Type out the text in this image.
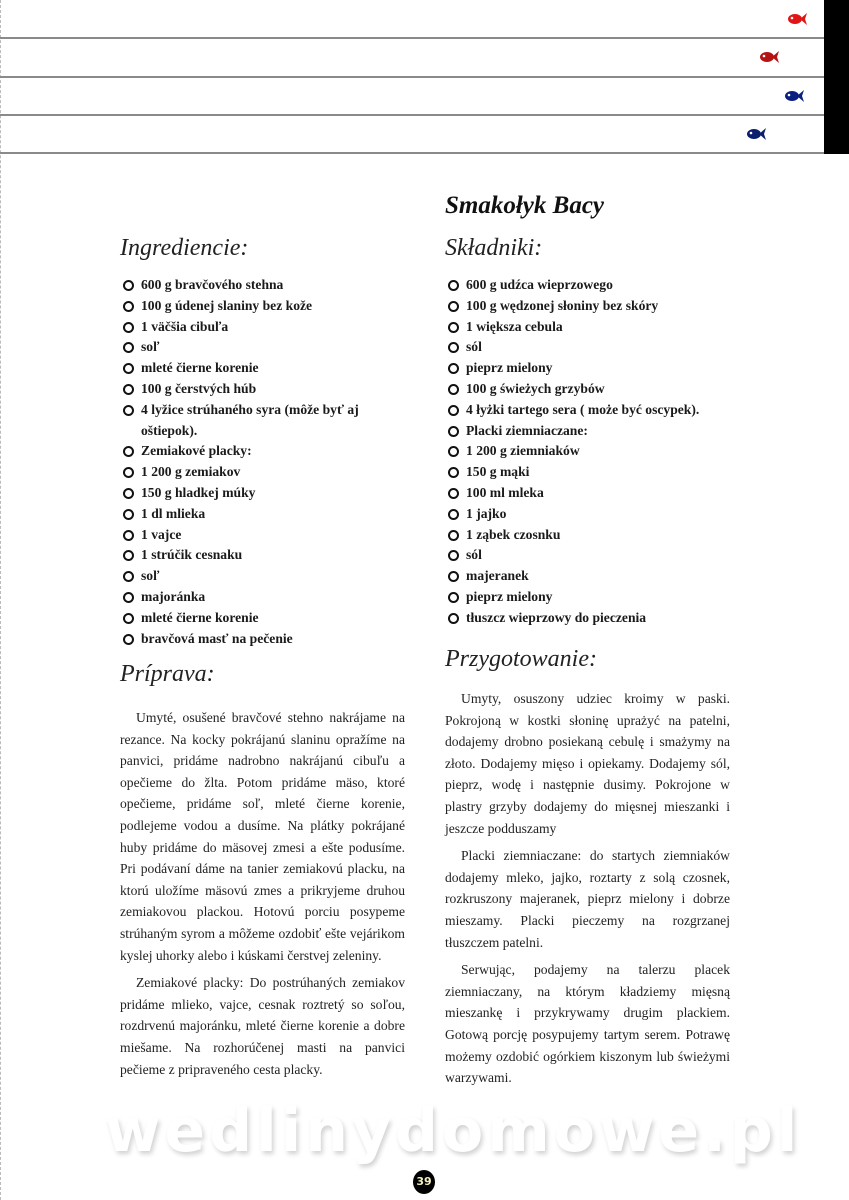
Smakołyk Bacy
Ingrediencie:
600 g bravčového stehna
100 g údenej slaniny bez kože
1 väčšia cibuľa
soľ
mleté čierne korenie
100 g čerstvých húb
4 lyžice strúhaného syra (môže byť aj oštiepok).
Zemiakové placky:
1 200 g zemiakov
150 g hladkej múky
1 dl mlieka
1 vajce
1 strúčik cesnaku
soľ
majoránka
mleté čierne korenie
bravčová masť na pečenie
Składniki:
600 g udźca wieprzowego
100 g wędzonej słoniny bez skóry
1 większa cebula
sól
pieprz mielony
100 g świeżych grzybów
4 łyżki tartego sera ( może być oscypek).
Placki ziemniaczane:
1 200 g ziemniaków
150 g mąki
100 ml mleka
1 jajko
1 ząbek czosnku
sól
majeranek
pieprz mielony
tłuszcz wieprzowy do pieczenia
Príprava:

Umyté, osušené bravčové stehno nakrájame na rezance. Na kocky pokrájanú slaninu opražíme na panvici, pridáme nadrobno nakrájanú cibuľu a opečieme do žlta. Potom pridáme mäso, ktoré opečieme, pridáme soľ, mleté čierne korenie, podlejeme vodou a dusíme. Na plátky pokrájané huby pridáme do mäsovej zmesi a ešte podusíme. Pri podávaní dáme na tanier zemiakovú placku, na ktorú uložíme mäsovú zmes a prikryjeme druhou zemiakovou plackou. Hotovú porciu posypeme strúhaným syrom a môžeme ozdobiť ešte vejárikom kyslej uhorky alebo i kúskami čerstvej zeleniny.

Zemiakové placky: Do postrúhaných zemiakov pridáme mlieko, vajce, cesnak roztretý so soľou, rozdrvenú majoránku, mleté čierne korenie a dobre miešame. Na rozhorúčenej masti na panvici pečieme z pripraveného cesta placky.

Przygotowanie:

Umyty, osuszony udziec kroimy w paski. Pokrojoną w kostki słoninę uprażyć na patelni, dodajemy drobno posiekaną cebulę i smażymy na złoto. Dodajemy mięso i opiekamy. Dodajemy sól, pieprz, wodę i następnie dusimy. Pokrojone w plastry grzyby dodajemy do mięsnej mieszanki i jeszcze podduszamy

Placki ziemniaczane: do startych ziemniaków dodajemy mleko, jajko, roztarty z solą czosnek, rozkruszony majeranek, pieprz mielony i dobrze mieszamy. Placki pieczemy na rozgrzanej tłuszczem patelni.

Serwując, podajemy na talerzu placek ziemniaczany, na którym kładziemy mięsną mieszankę i przykrywamy drugim plackiem. Gotową porcję posypujemy tartym serem. Potrawę możemy ozdobić ogórkiem kiszonym lub świeżymi warzywami.

wedlinydomowe.pl
39
